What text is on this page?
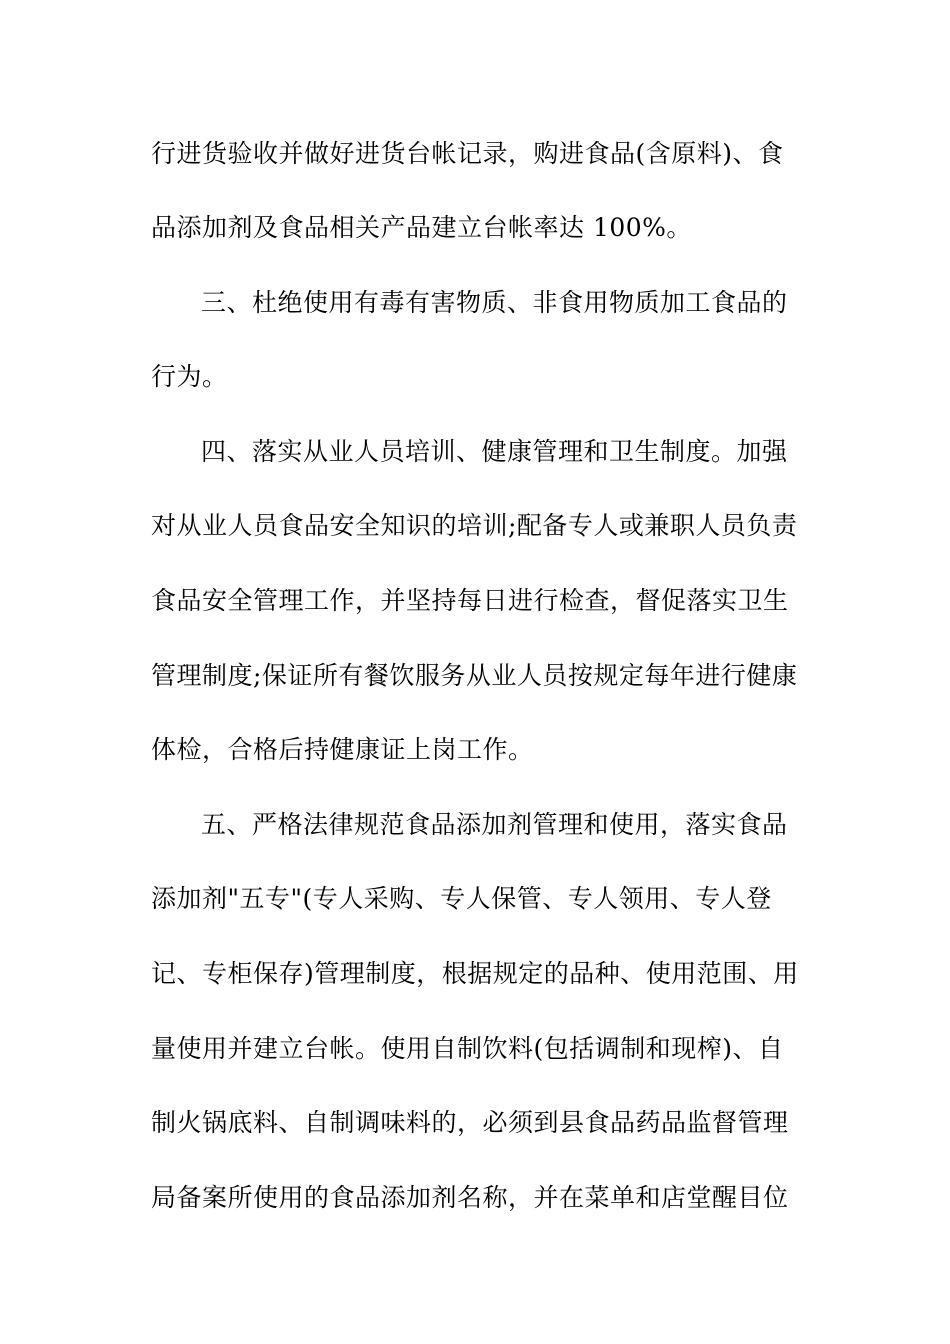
行进货验收并做好进货台帐记录，购进食品(含原料)、食
品添加剂及食品相关产品建立台帐率达 100%。
三、杜绝使用有毒有害物质、非食用物质加工食品的
行为。
四、落实从业人员培训、健康管理和卫生制度。加强
对从业人员食品安全知识的培训;配备专人或兼职人员负责
食品安全管理工作，并坚持每日进行检查，督促落实卫生
管理制度;保证所有餐饮服务从业人员按规定每年进行健康
体检，合格后持健康证上岗工作。
五、严格法律规范食品添加剂管理和使用，落实食品
添加剂"五专"(专人采购、专人保管、专人领用、专人登
记、专柜保存)管理制度，根据规定的品种、使用范围、用
量使用并建立台帐。使用自制饮料(包括调制和现榨)、自
制火锅底料、自制调味料的，必须到县食品药品监督管理
局备案所使用的食品添加剂名称，并在菜单和店堂醒目位
